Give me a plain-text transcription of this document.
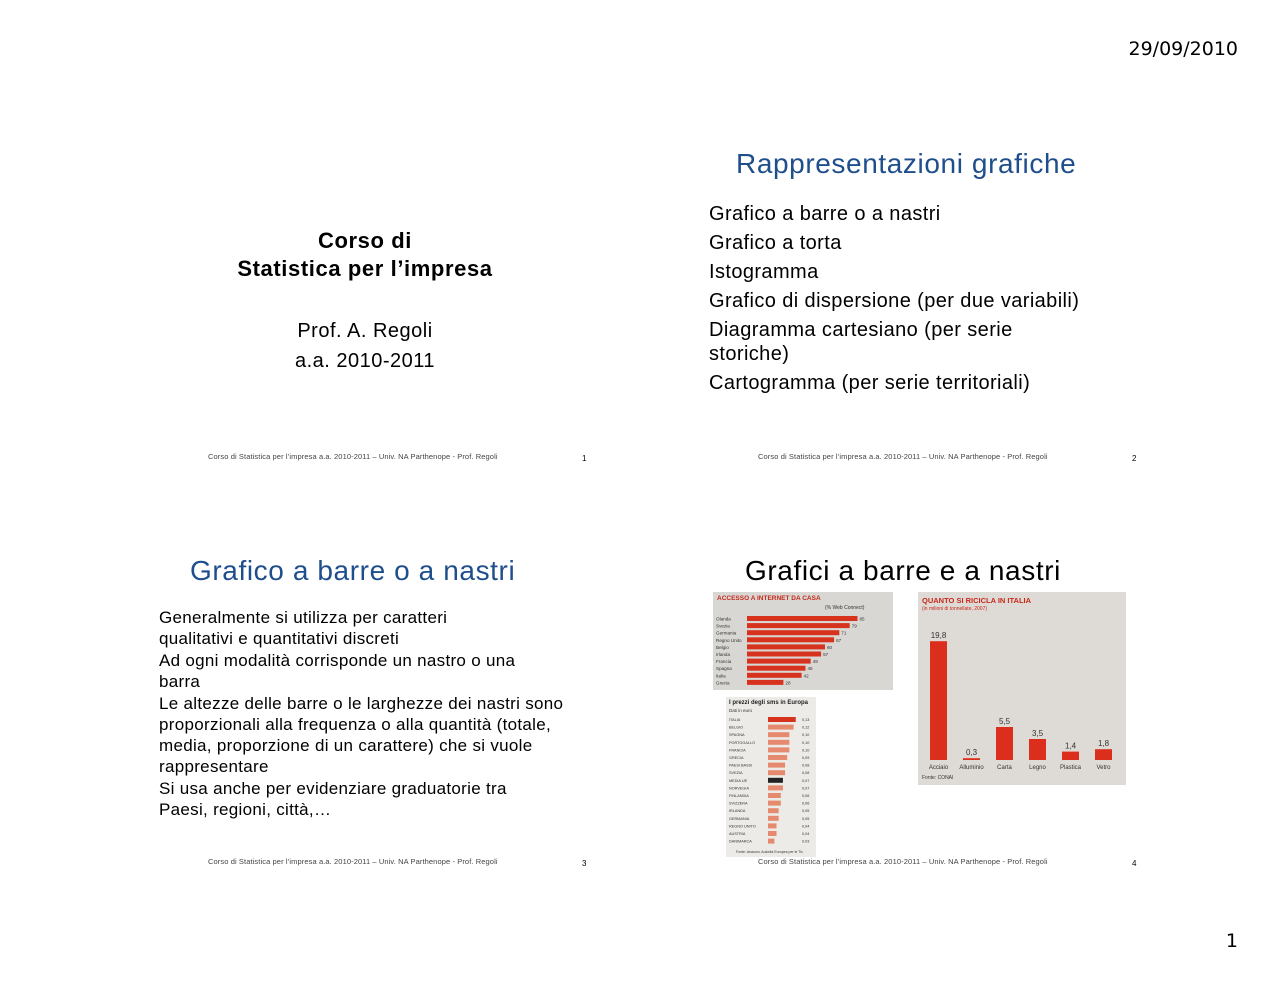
29/09/2010
Corso di
Statistica per l’impresa
Prof. A. Regoli
a.a. 2010-2011
Corso di Statistica per l’impresa a.a. 2010-2011 – Univ. NA Parthenope - Prof. Regoli	1
Rappresentazioni grafiche
Grafico a barre o a nastri
Grafico a torta
Istogramma
Grafico di dispersione (per due variabili)
Diagramma cartesiano (per serie storiche)
Cartogramma (per serie territoriali)
Corso di Statistica per l’impresa a.a. 2010-2011 – Univ. NA Parthenope - Prof. Regoli	2
Grafico a barre o a nastri
Generalmente si utilizza per caratteri qualitativi e quantitativi discreti
Ad ogni modalità corrisponde un nastro o una barra
Le altezze delle barre o le larghezze dei nastri sono proporzionali alla frequenza o alla quantità (totale, media, proporzione di un carattere) che si vuole rappresentare
Si usa anche per evidenziare graduatorie tra Paesi, regioni, città,…
Corso di Statistica per l’impresa a.a. 2010-2011 – Univ. NA Parthenope - Prof. Regoli	3
Grafici a barre e a nastri
ACCESSO A INTERNET DA CASA
(% Web Connect)
Olanda	85
Svezia	79
Germania	71
Regno Unito	67
Belgio	60
Irlanda	57
Francia	49
Spagna	45
Italia	42
Grecia	28
QUANTO SI RICICLA IN ITALIA
(in milioni di tonnellate, 2007)
19,8
Acciaio
0,3
Alluminio
5,5
Carta
3,5
Legno
1,4
Plastica
1,8
Vetro
Fonte: CONAI
I prezzi degli sms in Europa
Dati in euro
ITALIA	0,13
BELGIO	0,12
SPAGNA	0,10
PORTOGALLO	0,10
FRANCIA	0,10
GRECIA	0,09
PAESI BASSI	0,08
SVEZIA	0,08
MEDIA UE	0,07
NORVEGIA	0,07
FINLANDIA	0,06
SVIZZERA	0,06
IRLANDA	0,05
GERMANIA	0,05
REGNO UNITO	0,04
AUSTRIA	0,04
DANIMARCA	0,03
Fonte: Anacom, Autorità Europea per le Tlc
Corso di Statistica per l’impresa a.a. 2010-2011 – Univ. NA Parthenope - Prof. Regoli	4
1
